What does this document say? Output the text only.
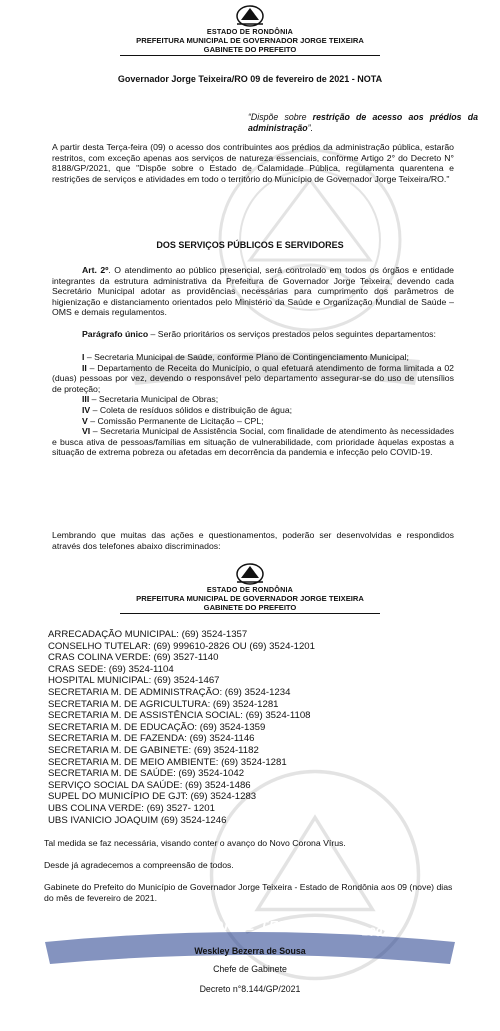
ESTADO DE RONDÔNIA
PREFEITURA MUNICIPAL DE GOVERNADOR JORGE TEIXEIRA
GABINETE DO PREFEITO
Governador Jorge Teixeira/RO 09 de fevereiro de 2021 - NOTA
“Dispõe sobre restrição de acesso aos prédios da administração”.
A partir desta Terça-feira (09) o acesso dos contribuintes aos prédios da administração pública, estarão restritos, com exceção apenas aos serviços de natureza essenciais, conforme Artigo 2° do Decreto N° 8188/GP/2021, que "Dispõe sobre o Estado de Calamidade Pública, regulamenta quarentena e restrições de serviços e atividades em todo o território do Município de Governador Jorge Teixeira/RO."
DOS SERVIÇOS PÚBLICOS E SERVIDORES
Art. 2º. O atendimento ao público presencial, será controlado em todos os órgãos e entidade integrantes da estrutura administrativa da Prefeitura de Governador Jorge Teixeira, devendo cada Secretário Municipal adotar as providências necessárias para cumprimento dos parâmetros de higienização e distanciamento orientados pelo Ministério da Saúde e Organização Mundial de Saúde – OMS e demais regulamentos.
Parágrafo único – Serão prioritários os serviços prestados pelos seguintes departamentos:

I – Secretaria Municipal de Saúde, conforme Plano de Contingenciamento Municipal;

II – Departamento de Receita do Município, o qual efetuará atendimento de forma limitada a 02 (duas) pessoas por vez, devendo o responsável pelo departamento assegurar-se do uso de utensílios de proteção;

III – Secretaria Municipal de Obras;

IV – Coleta de resíduos sólidos e distribuição de água;

V – Comissão Permanente de Licitação – CPL;

VI – Secretaria Municipal de Assistência Social, com finalidade de atendimento às necessidades e busca ativa de pessoas/famílias em situação de vulnerabilidade, com prioridade àquelas expostas a situação de extrema pobreza ou afetadas em decorrência da pandemia e infecção pelo COVID-19.

Lembrando que muitas das ações e questionamentos, poderão ser desenvolvidas e respondidos através dos telefones abaixo discriminados:
ESTADO DE RONDÔNIA
PREFEITURA MUNICIPAL DE GOVERNADOR JORGE TEIXEIRA
GABINETE DO PREFEITO
ARRECADAÇÃO MUNICIPAL: (69) 3524-1357
CONSELHO TUTELAR: (69) 999610-2826 OU (69) 3524-1201
CRAS COLINA VERDE: (69) 3527-1140
CRAS SEDE: (69) 3524-1104
HOSPITAL MUNICIPAL: (69) 3524-1467
SECRETARIA M. DE ADMINISTRAÇÃO: (69) 3524-1234
SECRETARIA M. DE AGRICULTURA: (69) 3524-1281
SECRETARIA M. DE ASSISTÊNCIA SOCIAL: (69) 3524-1108
SECRETARIA M. DE EDUCAÇÃO: (69) 3524-1359
SECRETARIA M. DE FAZENDA: (69) 3524-1146
SECRETARIA M. DE GABINETE: (69) 3524-1182
SECRETARIA M. DE MEIO AMBIENTE: (69) 3524-1281
SECRETARIA M. DE SAÚDE: (69) 3524-1042
SERVIÇO SOCIAL DA SAÚDE: (69) 3524-1486
SUPEL DO MUNICÍPIO DE GJT: (69) 3524-1283
UBS COLINA VERDE: (69) 3527- 1201
UBS IVANICIO JOAQUIM (69) 3524-1246
Tal medida se faz necessária, visando conter o avanço do Novo Corona Vírus.
Desde já agradecemos a compreensão de todos.
Gabinete do Prefeito do Município de Governador Jorge Teixeira - Estado de Rondônia aos 09 (nove) dias do mês de fevereiro de 2021.
13-02	GOV. JORGE TEIXEIRA	1992
Weskley Bezerra de Sousa
Chefe de Gabinete
Decreto n°8.144/GP/2021
